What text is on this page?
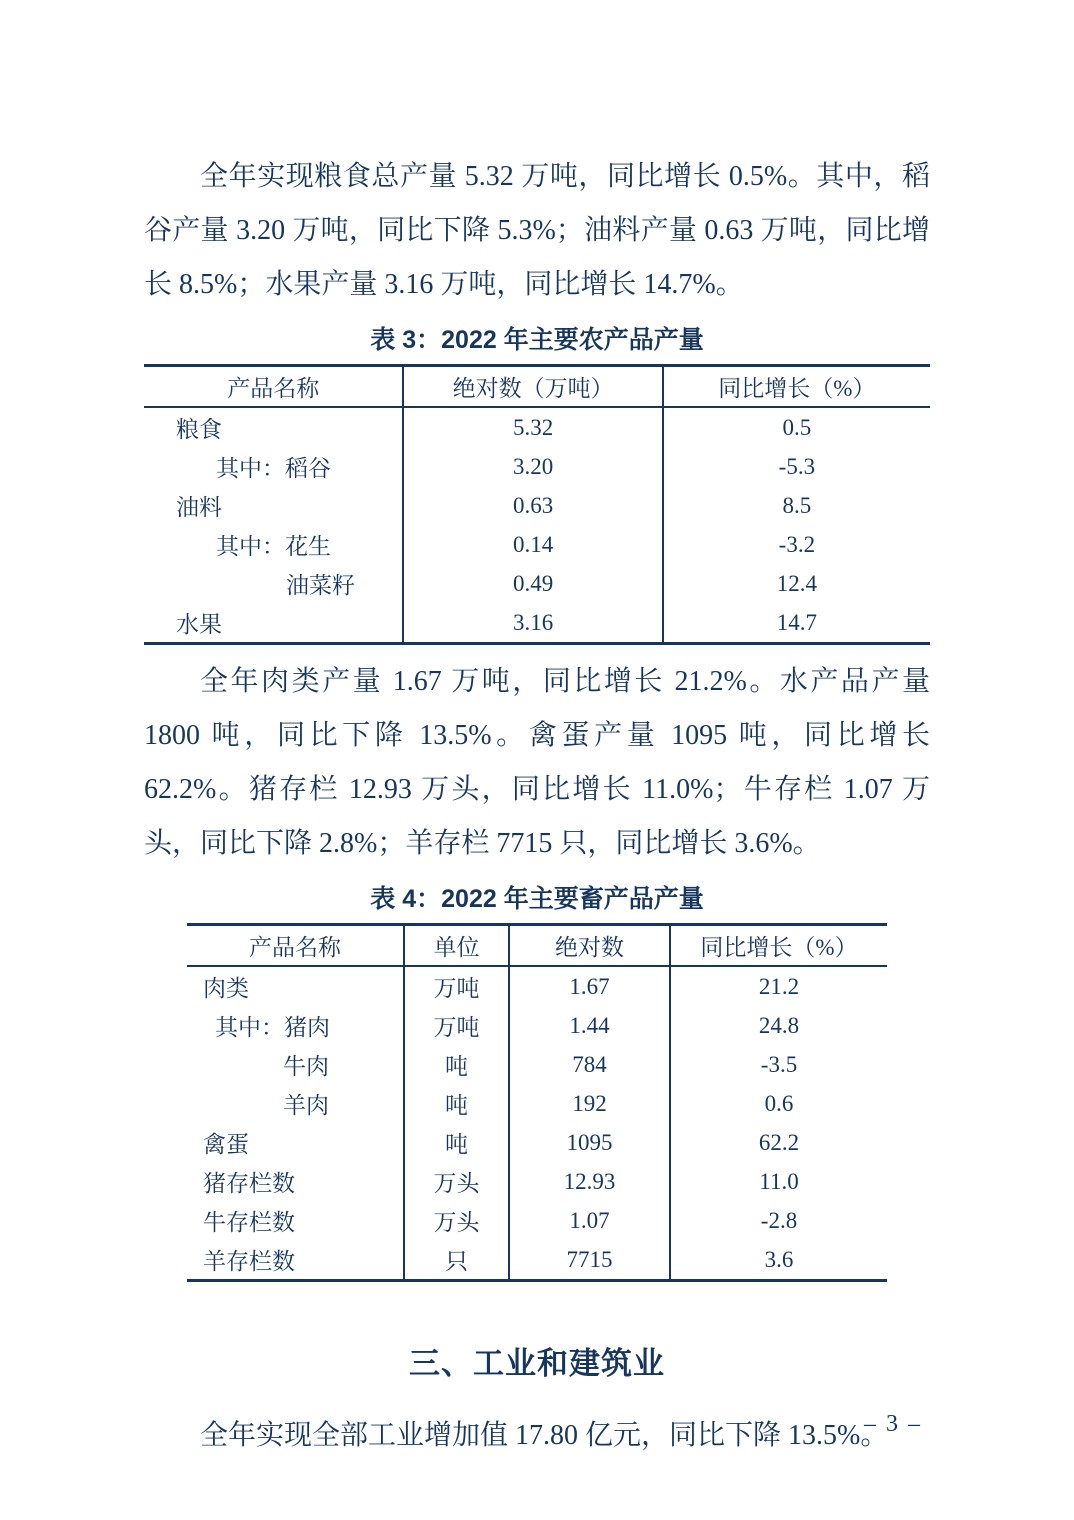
全年实现粮食总产量 5.32 万吨，同比增长 0.5%。其中，稻谷产量 3.20 万吨，同比下降 5.3%；油料产量 0.63 万吨，同比增长 8.5%；水果产量 3.16 万吨，同比增长 14.7%。

表 3：2022 年主要农产品产量
产品名称	绝对数（万吨）	同比增长（%）
粮食	5.32	0.5
其中：稻谷	3.20	-5.3
油料	0.63	8.5
其中：花生	0.14	-3.2
油菜籽	0.49	12.4
水果	3.16	14.7

全年肉类产量 1.67 万吨，同比增长 21.2%。水产品产量 1800 吨，同比下降 13.5%。禽蛋产量 1095 吨，同比增长 62.2%。猪存栏 12.93 万头，同比增长 11.0%；牛存栏 1.07 万头，同比下降 2.8%；羊存栏 7715 只，同比增长 3.6%。

表 4：2022 年主要畜产品产量
产品名称	单位	绝对数	同比增长（%）
肉类	万吨	1.67	21.2
其中：猪肉	万吨	1.44	24.8
牛肉	吨	784	-3.5
羊肉	吨	192	0.6
禽蛋	吨	1095	62.2
猪存栏数	万头	12.93	11.0
牛存栏数	万头	1.07	-2.8
羊存栏数	只	7715	3.6
三、工业和建筑业

全年实现全部工业增加值 17.80 亿元，同比下降 13.5%。

– 3 –
